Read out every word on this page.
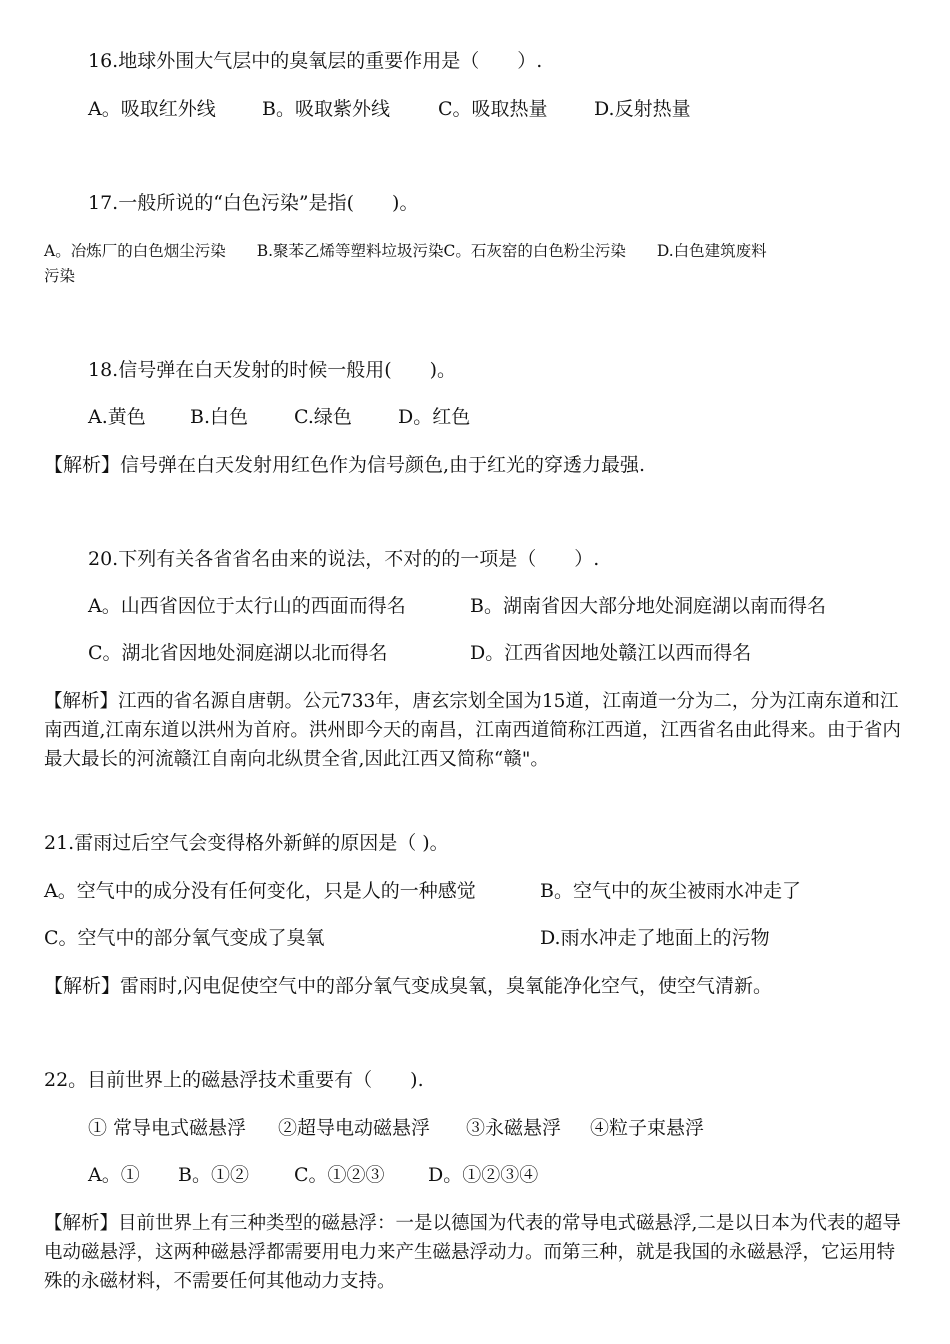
16.地球外围大气层中的臭氧层的重要作用是（　　）.
A。吸取红外线 B。吸取紫外线	C。吸取热量 D.反射热量
17.一般所说的“白色污染”是指(　　)。
A。冶炼厂的白色烟尘污染　　B.聚苯乙烯等塑料垃圾污染C。石灰窑的白色粉尘污染　　D.白色建筑废料
污染
18.信号弹在白天发射的时候一般用(　　)。
A.黄色 B.白色 C.绿色 D。红色
【解析】信号弹在白天发射用红色作为信号颜色,由于红光的穿透力最强.
20.下列有关各省省名由来的说法，不对的的一项是（　　）.
A。山西省因位于太行山的西面而得名	B。湖南省因大部分地处洞庭湖以南而得名
C。湖北省因地处洞庭湖以北而得名	D。江西省因地处赣江以西而得名
【解析】江西的省名源自唐朝。公元733年，唐玄宗划全国为15道，江南道一分为二，分为江南东道和江南西道,江南东道以洪州为首府。洪州即今天的南昌，江南西道简称江西道，江西省名由此得来。由于省内最大最长的河流赣江自南向北纵贯全省,因此江西又简称“赣"。
21.雷雨过后空气会变得格外新鲜的原因是（ )。
A。空气中的成分没有任何变化，只是人的一种感觉	B。空气中的灰尘被雨水冲走了
C。空气中的部分氧气变成了臭氧	D.雨水冲走了地面上的污物
【解析】雷雨时,闪电促使空气中的部分氧气变成臭氧，臭氧能净化空气，使空气清新。
22。目前世界上的磁悬浮技术重要有（　　).
① 常导电式磁悬浮 ②超导电动磁悬浮 ③永磁悬浮 ④粒子束悬浮
A。① B。①② C。①②③ D。①②③④
【解析】目前世界上有三种类型的磁悬浮：一是以德国为代表的常导电式磁悬浮,二是以日本为代表的超导电动磁悬浮，这两种磁悬浮都需要用电力来产生磁悬浮动力。而第三种，就是我国的永磁悬浮，它运用特殊的永磁材料，不需要任何其他动力支持。
